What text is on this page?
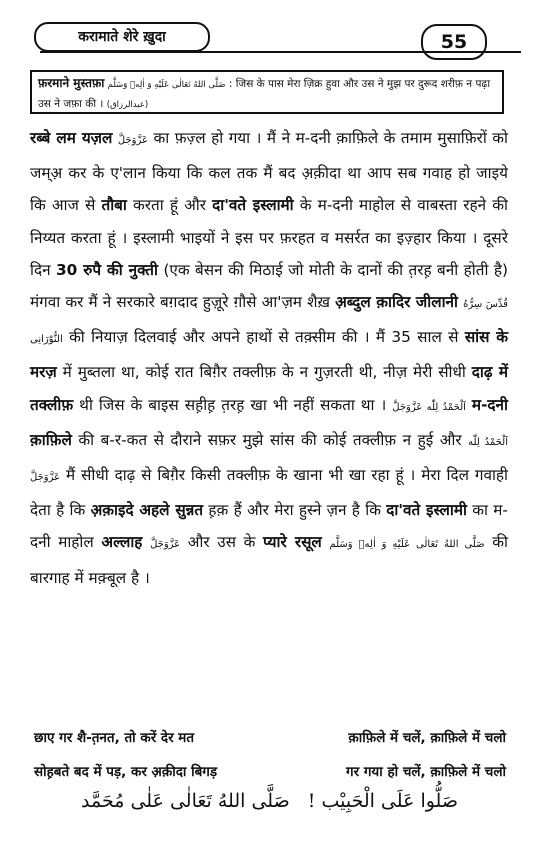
करामाते शेरे ख़ुदा	55
फ़रमाने मुस्तफ़ा صَلَّى اللهُ تَعَالٰى عَلَيْهِ وَ اٰلِهٖ وَسَلَّم : जिस के पास मेरा ज़िक्र हुवा और उस ने मुझ पर दुरूद शरीफ़ न पढ़ा उस ने जफ़ा की । (عبدالرزاق)

रब्बे लम यज़ल عَزَّوَجَلَّ का फ़ज़्ल हो गया । मैं ने म-दनी क़ाफ़िले के तमाम मुसाफ़िरों को जम्अ़ कर के ए'लान किया कि कल तक मैं बद अ़क़ीदा था आप सब गवाह हो जाइये कि आज से तौबा करता हूं और दा'वते इस्लामी के म-दनी माहोल से वाबस्ता रहने की निय्यत करता हूं । इस्लामी भाइयों ने इस पर फ़रहत व मसर्रत का इज़्हार किया । दूसरे दिन 30 रुपै की नुक्ती (एक बेसन की मिठाई जो मोती के दानों की त़रह़ बनी होती है) मंगवा कर मैं ने सरकारे बग़दाद हुज़ूरे ग़ौसे आ'ज़म शैख़ अ़ब्दुल क़ादिर जीलानी قُدِّسَ سِرُّهُ النُّوْرَانِی की नियाज़ दिलवाई और अपने हाथों से तक़्सीम की । मैं 35 साल से सांस के मरज़ में मुब्तला था, कोई रात बिग़ैर तक्लीफ़ के न गुज़रती थी, नीज़ मेरी सीधी दाढ़ में तक्लीफ़ थी जिस के बाइस सह़ीह़ त़रह़ खा भी नहीं सकता था । اَلْحَمْدُ لِلّٰه عَزَّوَجَلَّ म-दनी क़ाफ़िले की ब-र-कत से दौराने सफ़र मुझे सांस की कोई तक्लीफ़ न हुई और اَلْحَمْدُ لِلّٰه عَزَّوَجَلَّ मैं सीधी दाढ़ से बिग़ैर किसी तक्लीफ़ के खाना भी खा रहा हूं । मेरा दिल गवाही देता है कि अ़क़ाइदे अहले सुन्नत ह़क़ हैं और मेरा हुस्ने ज़न है कि दा'वते इस्लामी का म-दनी माहोल अल्लाह عَزَّوَجَلَّ और उस के प्यारे रसूल صَلَّى اللهُ تَعَالٰى عَلَيْهِ وَ اٰلِهٖ وَسَلَّم की बारगाह में मक़्बूल है ।

छाए गर शै-त़नत, तो करें देर मत	क़ाफ़िले में चलें, क़ाफ़िले में चलो
सोह़बते बद में पड़, कर अ़क़ीदा बिगड़	गर गया हो चलें, क़ाफ़िले में चलो
صَلُّوا عَلَى الْحَبِيْب ! صَلَّى اللهُ تَعَالٰى عَلٰى مُحَمَّد
